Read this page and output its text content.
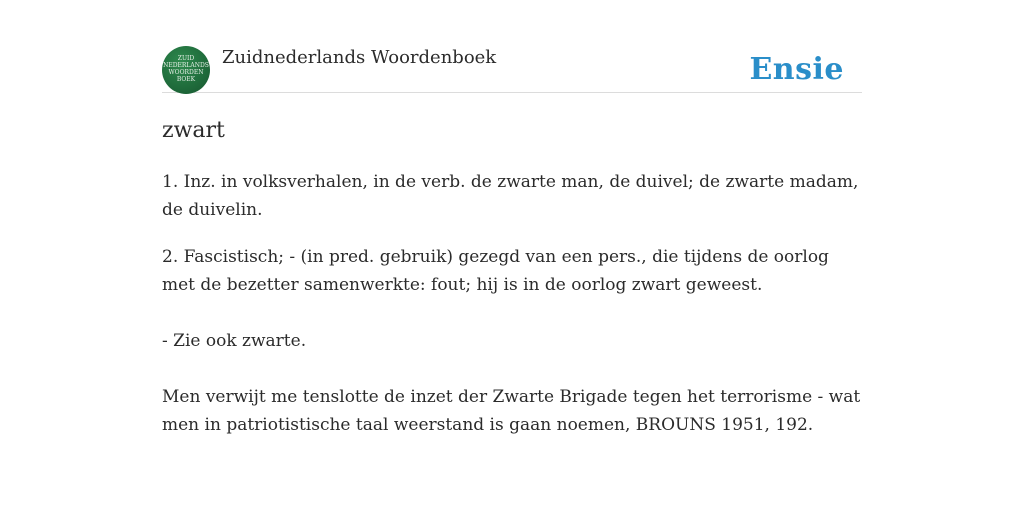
ZUID
NEDERLANDS
WOORDEN
BOEK
Zuidnederlands Woordenboek	Ensie
zwart

1. Inz. in volksverhalen, in de verb. de zwarte man, de duivel; de zwarte madam, de duivelin.

2. Fascistisch; - (in pred. gebruik) gezegd van een pers., die tijdens de oorlog met de bezetter samenwerkte: fout; hij is in de oorlog zwart geweest.

- Zie ook zwarte.

Men verwijt me tenslotte de inzet der Zwarte Brigade tegen het terrorisme - wat men in patriotistische taal weerstand is gaan noemen, BROUNS 1951, 192.
